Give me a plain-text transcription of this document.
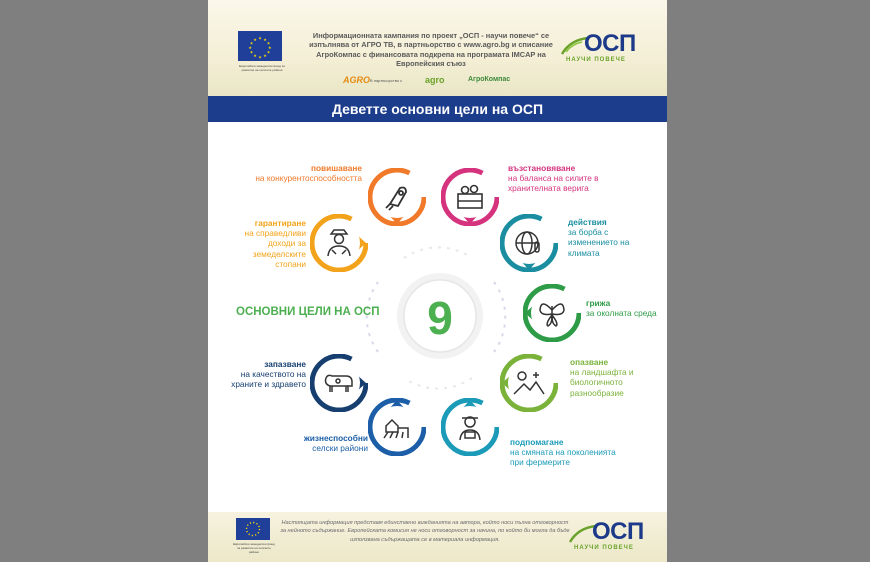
★ ★
★
★
★
★
★
★
★
★
★
★
Европейски земеделски фонд за развитие на селските райони
Информационната кампания по проект „ОСП - научи повече“ се изпълнява от АГРО ТВ, в партньорство с www.agro.bg и списание АгроКомпас с финансовата подкрепа на програмата IMCAP на Европейския съюз
AGRO В партньорство с	agro	АгроКомпас
ОСП
НАУЧИ ПОВЕЧЕ
Деветте основни цели на ОСП
9
ОСНОВНИ ЦЕЛИ НА ОСП
повишаване
на конкурентоспособността
възстановяване
на баланса на силите в хранителната верига
действия
за борба с изменението на климата
грижа
за околната среда
опазване
на ландшафта и биологичното разнообразие
подпомагане
на смяната на поколенията при фермерите
жизнеспособни
селски райони
запазване
на качеството на храните и здравето
гарантиране
на справедливи доходи за земеделските стопани
Европейски земеделски фонд за развитие на селските райони
Настоящата информация представя единствено вижданията на автора, който носи пълна отговорност за нейното съдържание. Европейската комисия не носи отговорност за начина, по който би могла да бъде използвана съдържащата се в материала информация.	ОСП
НАУЧИ ПОВЕЧЕ
